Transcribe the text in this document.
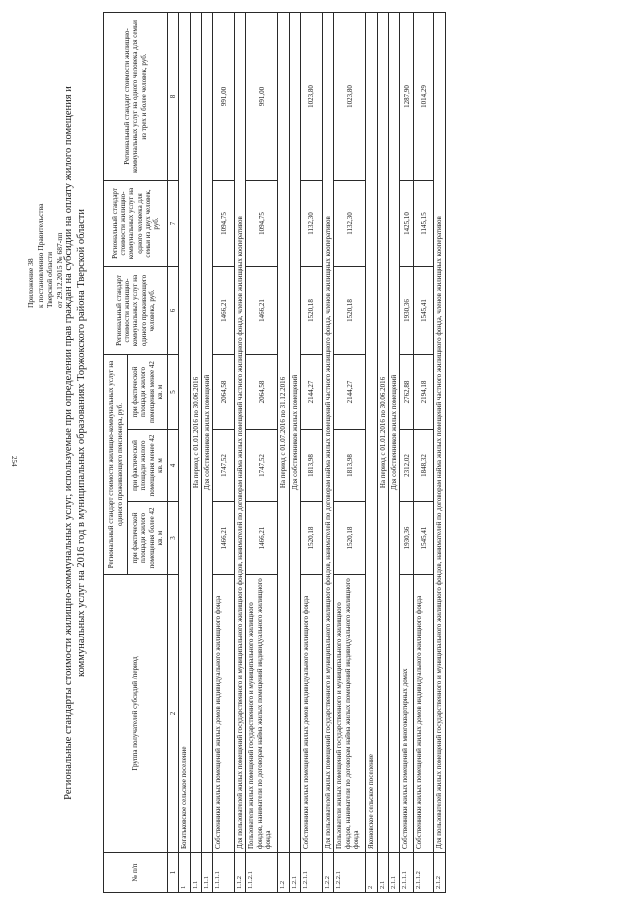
254
Приложение 38 к постановлению Правительства Тверской области от 29.12.2015 № 687-пп Региональные стандарты стоимости жилищно-коммунальных услуг, используемые при определении прав граждан на субсидии на оплату жилого помещения и коммунальных услуг на 2016 год в муниципальных образованиях Торжокского района Тверской области
№ п/п	Группа получателей субсидий /период	Региональный стандарт стоимости жилищно-коммунальных услуг на одиного проживающего пенсионера, руб.			Региональный стандарт стоимости жилищно-коммунальных услуг на одиного проживающего человека, руб.	Региональный стандарт стоимости жилищно-коммунальных услуг на одного человека для семьи из двух человек, руб.	Региональный стандарт стоимости жилищно-коммунальных услуг на одного человека для семьи из трех и более человек, руб.
		при фактической площади жилого помещения более 42 кв. м	при фактической площади жилого помещения менее 42 кв. м	при фактической площади жилого помещения менее 42 кв. м			
1	2	3	4	5	6	7	8
1	Богатьковское сельское поселение						
1.1	На период с 01.01.2016 по 30.06.2016						
1.1.1	Для собственников жилых помещений						
1.1.1.1	Собственники жилых помещений жилых домов индивидуального жилищного фонда	1466,21	1747,52	2064,58	1466,21	1094,75	991,00
1.1.2	Для пользователей жилых помещений государственного и муниципального жилищного фондов, нанимателей по договорам найма жилых помещений частного жилищного фонда, членов жилищных кооперативов						
1.1.2.1	Пользователи жилых помещений государственного и муниципального жилищного фондов, наниматели по договорам найма жилых помещений индивидуального жилищного фонда	1466,21	1747,52	2064,58	1466,21	1094,75	991,00
1.2	На период с 01.07.2016 по 31.12.2016						
1.2.1	Для собственников жилых помещений						
1.2.1.1	Собственники жилых помещений жилых домов индивидуального жилищного фонда	1520,18	1813,98	2144,27	1520,18	1132,30	1023,80
1.2.2	Для пользователей жилых помещений государственного и муниципального жилищного фондов, нанимателей по договорам найма жилых помещений частного жилищного фонда, членов жилищных кооперативов						
1.2.2.1	Пользователи жилых помещений государственного и муниципального жилищного фондов, наниматели по договорам найма жилых помещений индивидуального жилищного фонда	1520,18	1813,98	2144,27	1520,18	1132,30	1023,80
2	Яконовское сельское поселение						
2.1	На период с 01.01.2016 по 30.06.2016						
2.1.1	Для собственников жилых помещений						
2.1.1.1	Собственники жилых помещений в многоквартирных домах	1930,36	2312,02	2762,88	1930,36	1425,10	1287,90
2.1.1.2	Собственники жилых помещений жилых домов индивидуального жилищного фонда	1545,41	1848,32	2194,18	1545,41	1145,15	1014,29
2.1.2	Для пользователей жилых помещений государственного и муниципального жилищного фондов, нанимателей по договорам найма жилых помещений частного жилищного фонда, членов жилищных кооперативов						
